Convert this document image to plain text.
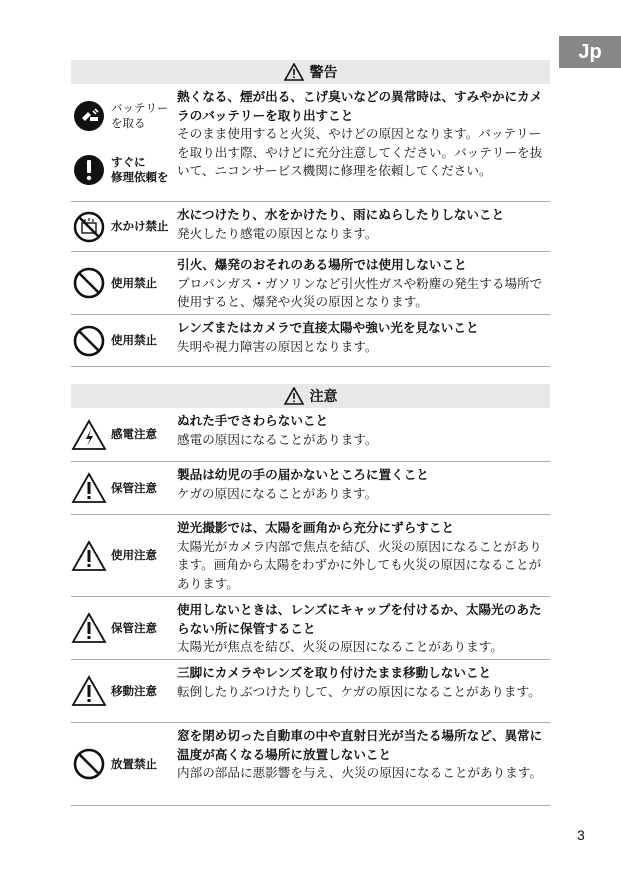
Jp
警告
バッテリー
を取る
すぐに
修理依頼を
熱くなる、煙が出る、こげ臭いなどの異常時は、すみやかにカメラのバッテリーを取り出すこと
そのまま使用すると火災、やけどの原因となります。バッテリーを取り出す際、やけどに充分注意してください。バッテリーを抜いて、ニコンサービス機関に修理を依頼してください。
水かけ禁止
水につけたり、水をかけたり、雨にぬらしたりしないこと
発火したり感電の原因となります。
使用禁止
引火、爆発のおそれのある場所では使用しないこと
プロパンガス・ガソリンなど引火性ガスや粉塵の発生する場所で使用すると、爆発や火災の原因となります。
使用禁止
レンズまたはカメラで直接太陽や強い光を見ないこと
失明や視力障害の原因となります。
注意
感電注意
ぬれた手でさわらないこと
感電の原因になることがあります。
保管注意
製品は幼児の手の届かないところに置くこと
ケガの原因になることがあります。
使用注意
逆光撮影では、太陽を画角から充分にずらすこと
太陽光がカメラ内部で焦点を結び、火災の原因になることがあります。画角から太陽をわずかに外しても火災の原因になることがあります。
保管注意
使用しないときは、レンズにキャップを付けるか、太陽光のあたらない所に保管すること
太陽光が焦点を結び、火災の原因になることがあります。
移動注意
三脚にカメラやレンズを取り付けたまま移動しないこと
転倒したりぶつけたりして、ケガの原因になることがあります。
放置禁止
窓を閉め切った自動車の中や直射日光が当たる場所など、異常に温度が高くなる場所に放置しないこと
内部の部品に悪影響を与え、火災の原因になることがあります。
3
